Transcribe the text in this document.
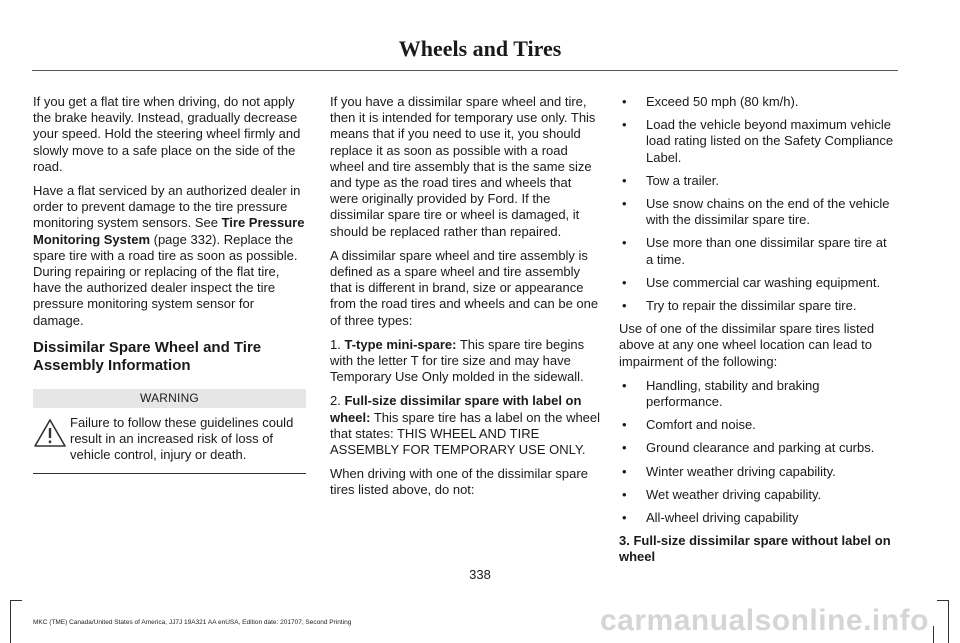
Wheels and Tires

If you get a flat tire when driving, do not apply the brake heavily. Instead, gradually decrease your speed. Hold the steering wheel firmly and slowly move to a safe place on the side of the road.

Have a flat serviced by an authorized dealer in order to prevent damage to the tire pressure monitoring system sensors. See Tire Pressure Monitoring System (page 332). Replace the spare tire with a road tire as soon as possible. During repairing or replacing of the flat tire, have the authorized dealer inspect the tire pressure monitoring system sensor for damage.

Dissimilar Spare Wheel and Tire Assembly Information
WARNING
Failure to follow these guidelines could result in an increased risk of loss of vehicle control, injury or death.

If you have a dissimilar spare wheel and tire, then it is intended for temporary use only. This means that if you need to use it, you should replace it as soon as possible with a road wheel and tire assembly that is the same size and type as the road tires and wheels that were originally provided by Ford. If the dissimilar spare tire or wheel is damaged, it should be replaced rather than repaired.

A dissimilar spare wheel and tire assembly is defined as a spare wheel and tire assembly that is different in brand, size or appearance from the road tires and wheels and can be one of three types:

1. T-type mini-spare: This spare tire begins with the letter T for tire size and may have Temporary Use Only molded in the sidewall.

2. Full-size dissimilar spare with label on wheel: This spare tire has a label on the wheel that states: THIS WHEEL AND TIRE ASSEMBLY FOR TEMPORARY USE ONLY.

When driving with one of the dissimilar spare tires listed above, do not:

• Exceed 50 mph (80 km/h).
• Load the vehicle beyond maximum vehicle load rating listed on the Safety Compliance Label.
• Tow a trailer.
• Use snow chains on the end of the vehicle with the dissimilar spare tire.
• Use more than one dissimilar spare tire at a time.
• Use commercial car washing equipment.
• Try to repair the dissimilar spare tire.

Use of one of the dissimilar spare tires listed above at any one wheel location can lead to impairment of the following:

• Handling, stability and braking performance.
• Comfort and noise.
• Ground clearance and parking at curbs.
• Winter weather driving capability.
• Wet weather driving capability.
• All-wheel driving capability

3. Full-size dissimilar spare without label on wheel

338
MKC (TME) Canada/United States of America, JJ7J 19A321 AA enUSA, Edition date: 201707, Second Printing	carmanualsonline.info
